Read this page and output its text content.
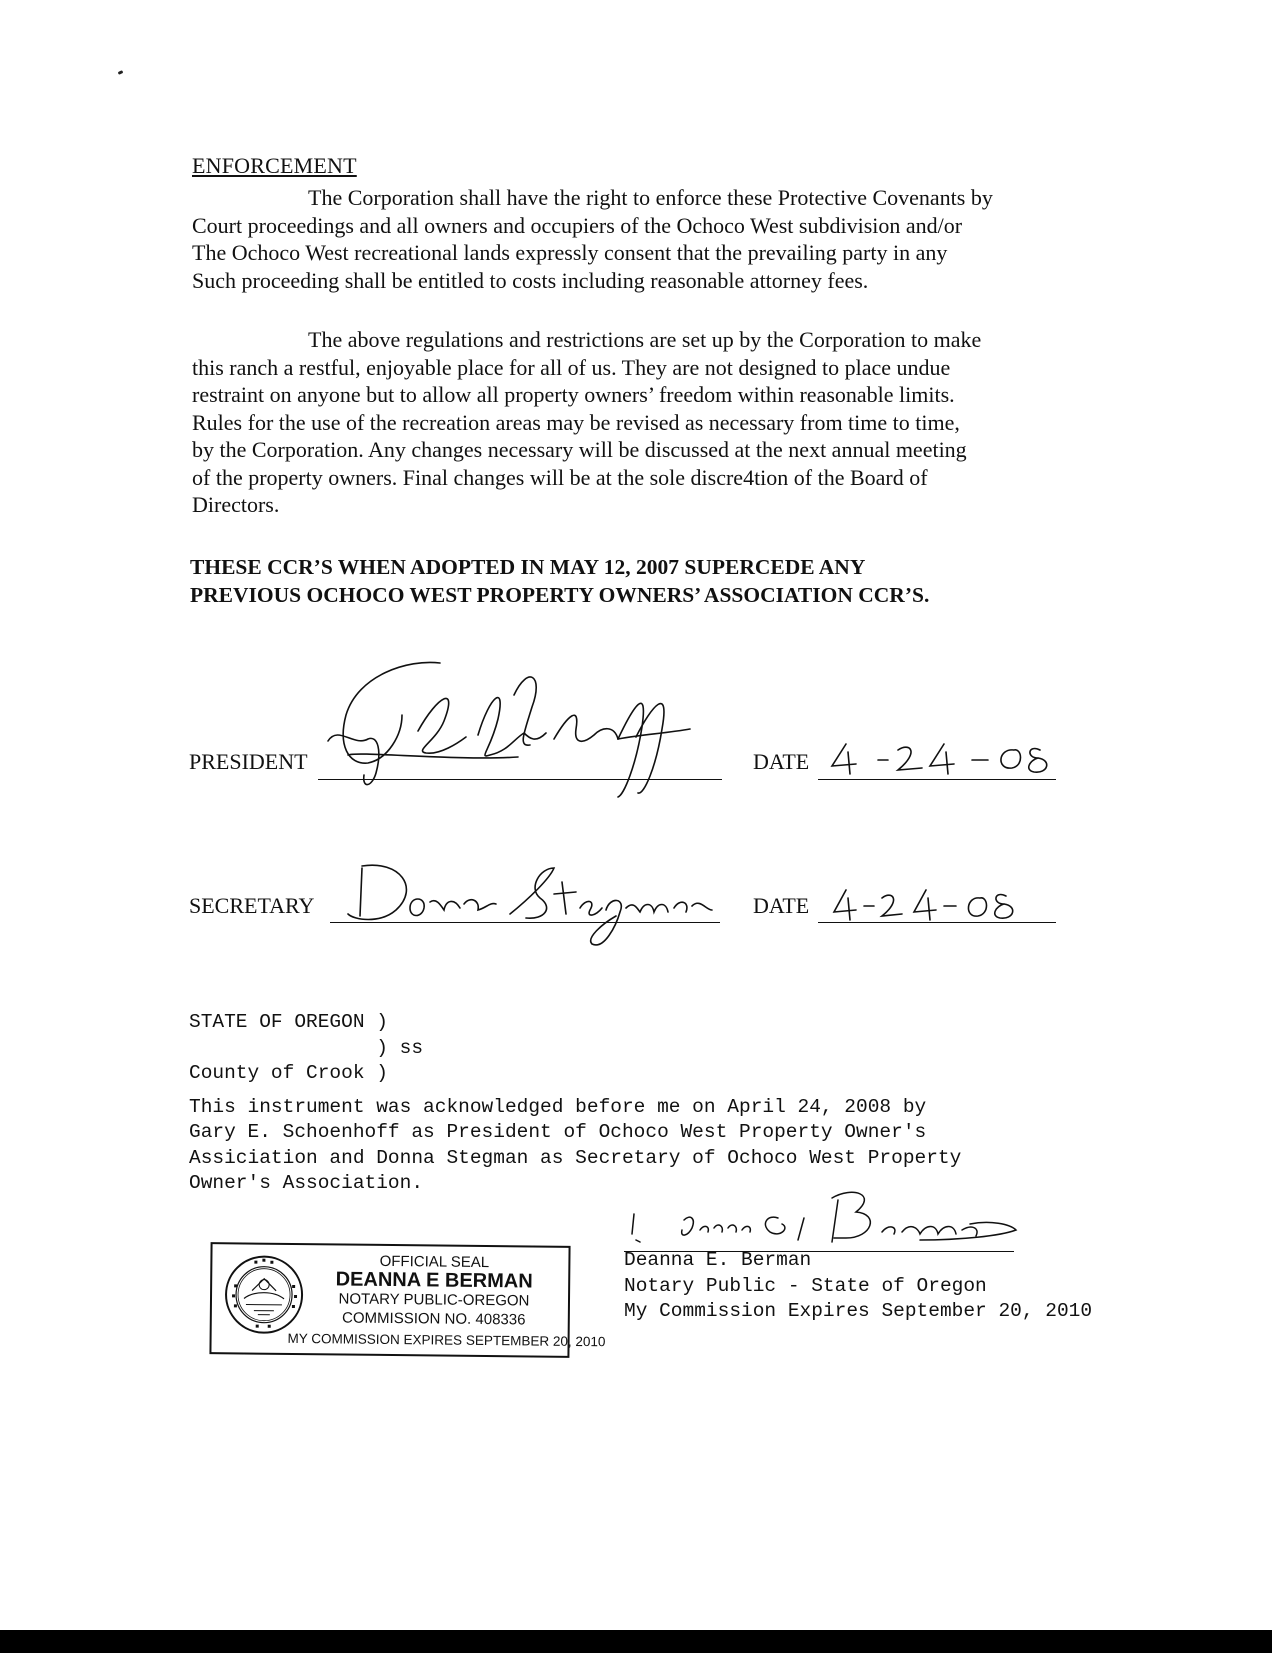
ENFORCEMENT
The Corporation shall have the right to enforce these Protective Covenants by
Court proceedings and all owners and occupiers of the Ochoco West subdivision and/or
The Ochoco West recreational lands expressly consent that the prevailing party in any
Such proceeding shall be entitled to costs including reasonable attorney fees.
The above regulations and restrictions are set up by the Corporation to make
this ranch a restful, enjoyable place for all of us. They are not designed to place undue
restraint on anyone but to allow all property owners’ freedom within reasonable limits.
Rules for the use of the recreation areas may be revised as necessary from time to time,
by the Corporation. Any changes necessary will be discussed at the next annual meeting
of the property owners. Final changes will be at the sole discre4tion of the Board of
Directors.
THESE CCR’S WHEN ADOPTED IN MAY 12, 2007 SUPERCEDE ANY
PREVIOUS OCHOCO WEST PROPERTY OWNERS’ ASSOCIATION CCR’S.
PRESIDENT	DATE
SECRETARY	DATE
STATE OF OREGON )
) ss
County of Crook )
This instrument was acknowledged before me on April 24, 2008 by
Gary E. Schoenhoff as President of Ochoco West Property Owner's
Assiciation and Donna Stegman as Secretary of Ochoco West Property
Owner's Association.
Deanna E. Berman
Notary Public - State of Oregon
My Commission Expires September 20, 2010
OFFICIAL SEAL
DEANNA E BERMAN
NOTARY PUBLIC-OREGON
COMMISSION NO. 408336
MY COMMISSION EXPIRES SEPTEMBER 20, 2010
